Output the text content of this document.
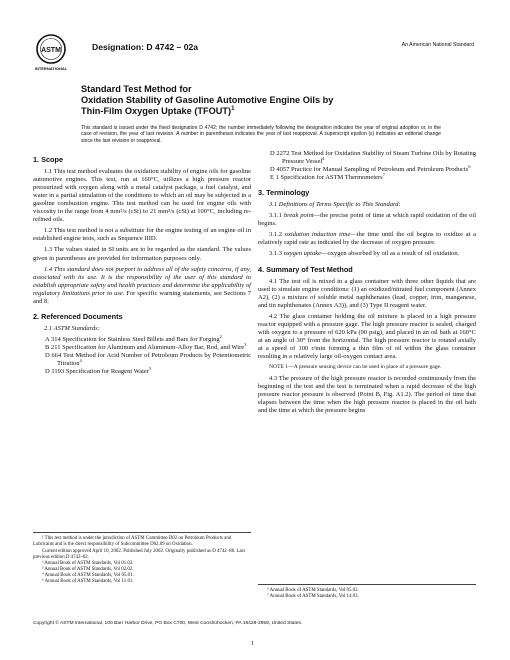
ASTM
INTERNATIONAL
Designation: D 4742 – 02a	An American National Standard
Standard Test Method for
Oxidation Stability of Gasoline Automotive Engine Oils by
Thin-Film Oxygen Uptake (TFOUT)$^1$
This standard is issued under the fixed designation D 4742; the number immediately following the designation indicates the year of original adoption or, in the case of revision, the year of last revision. A number in parentheses indicates the year of last reapproval. A superscript epsilon (ε) indicates an editorial change since the last revision or reapproval.
1. Scope

1.1 This test method evaluates the oxidation stability of engine oils for gasoline automotive engines. This test, run at 160°C, utilizes a high pressure reactor pressurized with oxygen along with a metal catalyst package, a fuel catalyst, and water in a partial simulation of the conditions to which an oil may be subjected in a gasoline combustion engine. This test method can be used for engine oils with viscosity in the range from 4 mm²/s (cSt) to 21 mm²/s (cSt) at 100°C, including re-refined oils.

1.2 This test method is not a substitute for the engine testing of an engine oil in established engine tests, such as Sequence IIID.

1.3 The values stated in SI units are to be regarded as the standard. The values given in parentheses are provided for information purposes only.

1.4 This standard does not purport to address all of the safety concerns, if any, associated with its use. It is the responsibility of the user of this standard to establish appropriate safety and health practices and determine the applicability of regulatory limitations prior to use. For specific warning statements, see Sections 7 and 8.

2. Referenced Documents

2.1 ASTM Standards:

A 314 Specification for Stainless Steel Billets and Bars for Forging$^2$
B 211 Specification for Aluminum and Aluminum-Alloy Bar, Rod, and Wire$^3$
D 664 Test Method for Acid Number of Petroleum Products by Potentiometric Titration$^4$
D 1193 Specification for Reagent Water$^5$
¹ This test method is under the jurisdiction of ASTM Committee D02 on Petroleum Products and Lubricants and is the direct responsibility of Subcommittee D02.09 on Oxidation.
Current edition approved April 10, 2002. Published July 2002. Originally published as D 4742–88. Last previous edition D 4742–02.
² Annual Book of ASTM Standards, Vol 01.03.
³ Annual Book of ASTM Standards, Vol 02.02.
⁴ Annual Book of ASTM Standards, Vol 05.01.
⁵ Annual Book of ASTM Standards, Vol 11.01.
D 2272 Test Method for Oxidation Stability of Steam Turbine Oils by Rotating Pressure Vessel$^4$
D 4057 Practice for Manual Sampling of Petroleum and Petroleum Products$^6$
E 1 Specification for ASTM Thermometers$^7$
3. Terminology

3.1 Definitions of Terms Specific to This Standard:

3.1.1 break point—the precise point of time at which rapid oxidation of the oil begins.

3.1.2 oxidation induction time—the time until the oil begins to oxidize at a relatively rapid rate as indicated by the decrease of oxygen pressure.

3.1.3 oxygen uptake—oxygen absorbed by oil as a result of oil oxidation.

4. Summary of Test Method

4.1 The test oil is mixed in a glass container with three other liquids that are used to simulate engine conditions: (1) an oxidized/nitrated fuel component (Annex A2), (2) a mixture of soluble metal naphthenates (lead, copper, iron, manganese, and tin naphthenates (Annex A3)), and (3) Type II reagent water.

4.2 The glass container holding the oil mixture is placed in a high pressure reactor equipped with a pressure gage. The high pressure reactor is sealed, charged with oxygen to a pressure of 620 kPa (90 psig), and placed in an oil bath at 160°C at an angle of 30° from the horizontal. The high pressure reactor is rotated axially at a speed of 100 r/min forming a thin film of oil within the glass container resulting in a relatively large oil-oxygen contact area.

NOTE 1—A pressure sensing device can be used in place of a pressure gage.

4.3 The pressure of the high pressure reactor is recorded continuously from the beginning of the test and the test is terminated when a rapid decrease of the high pressure reactor pressure is observed (Point B, Fig. A1.2). The period of time that elapses between the time when the high pressure reactor is placed in the oil bath and the time at which the pressure begins

⁶ Annual Book of ASTM Standards, Vol 05.02.
⁷ Annual Book of ASTM Standards, Vol 14.03.
Copyright © ASTM International, 100 Barr Harbor Drive, PO Box C700, West Conshohocken, PA 19428-2959, United States.
1
